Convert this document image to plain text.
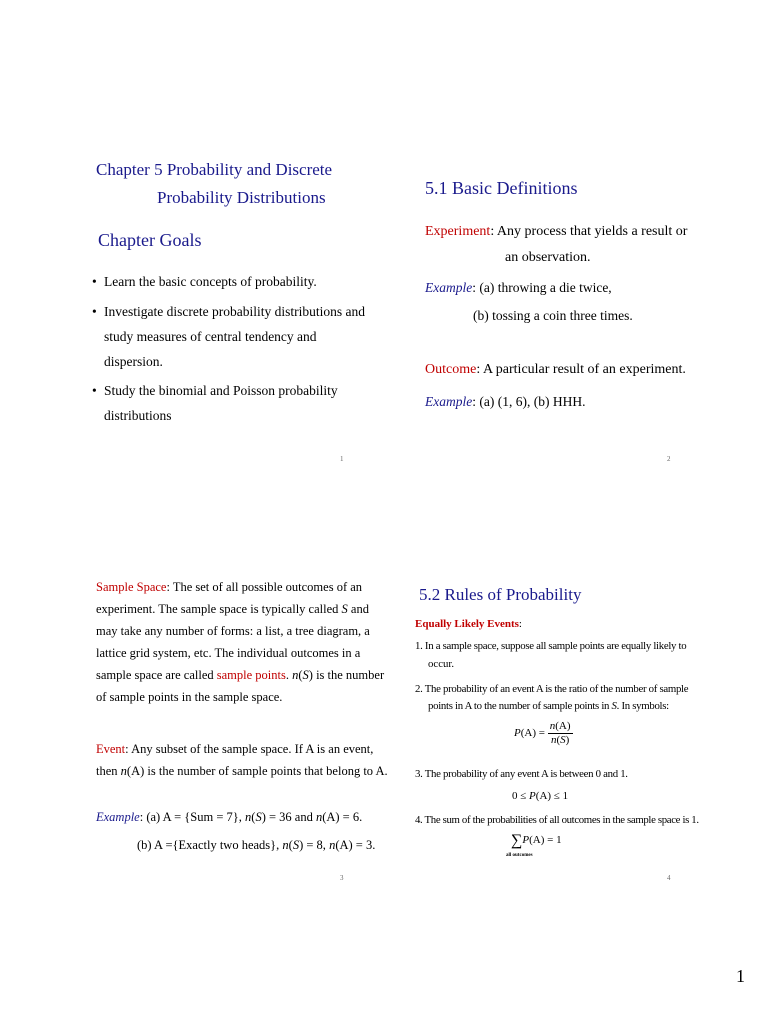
Chapter 5 Probability and Discrete
Probability Distributions
Chapter Goals
• Learn the basic concepts of probability.
• Investigate discrete probability distributions and
study measures of central tendency and
dispersion.
• Study the binomial and Poisson probability
distributions
1
5.1 Basic Definitions
Experiment: Any process that yields a result or
an observation.
Example: (a) throwing a die twice,
(b) tossing a coin three times.
Outcome: A particular result of an experiment.
Example: (a) (1, 6), (b) HHH.
2
Sample Space: The set of all possible outcomes of an
experiment. The sample space is typically called S and
may take any number of forms: a list, a tree diagram, a
lattice grid system, etc. The individual outcomes in a
sample space are called sample points. n(S) is the number
of sample points in the sample space.
Event: Any subset of the sample space. If A is an event,
then n(A) is the number of sample points that belong to A.
Example: (a) A = {Sum = 7}, n(S) = 36 and n(A) = 6.
(b) A ={Exactly two heads}, n(S) = 8, n(A) = 3.
3
5.2 Rules of Probability
Equally Likely Events:
1. In a sample space, suppose all sample points are equally likely to
occur.
2. The probability of an event A is the ratio of the number of sample
points in A to the number of sample points in S. In symbols:
$P(A) = \frac{n(A)}{n(S)}$
3. The probability of any event A is between 0 and 1.
0 ≤ P(A) ≤ 1
4. The sum of the probabilities of all outcomes in the sample space is 1.
∑P(A) = 1
all outcomes
4
1
